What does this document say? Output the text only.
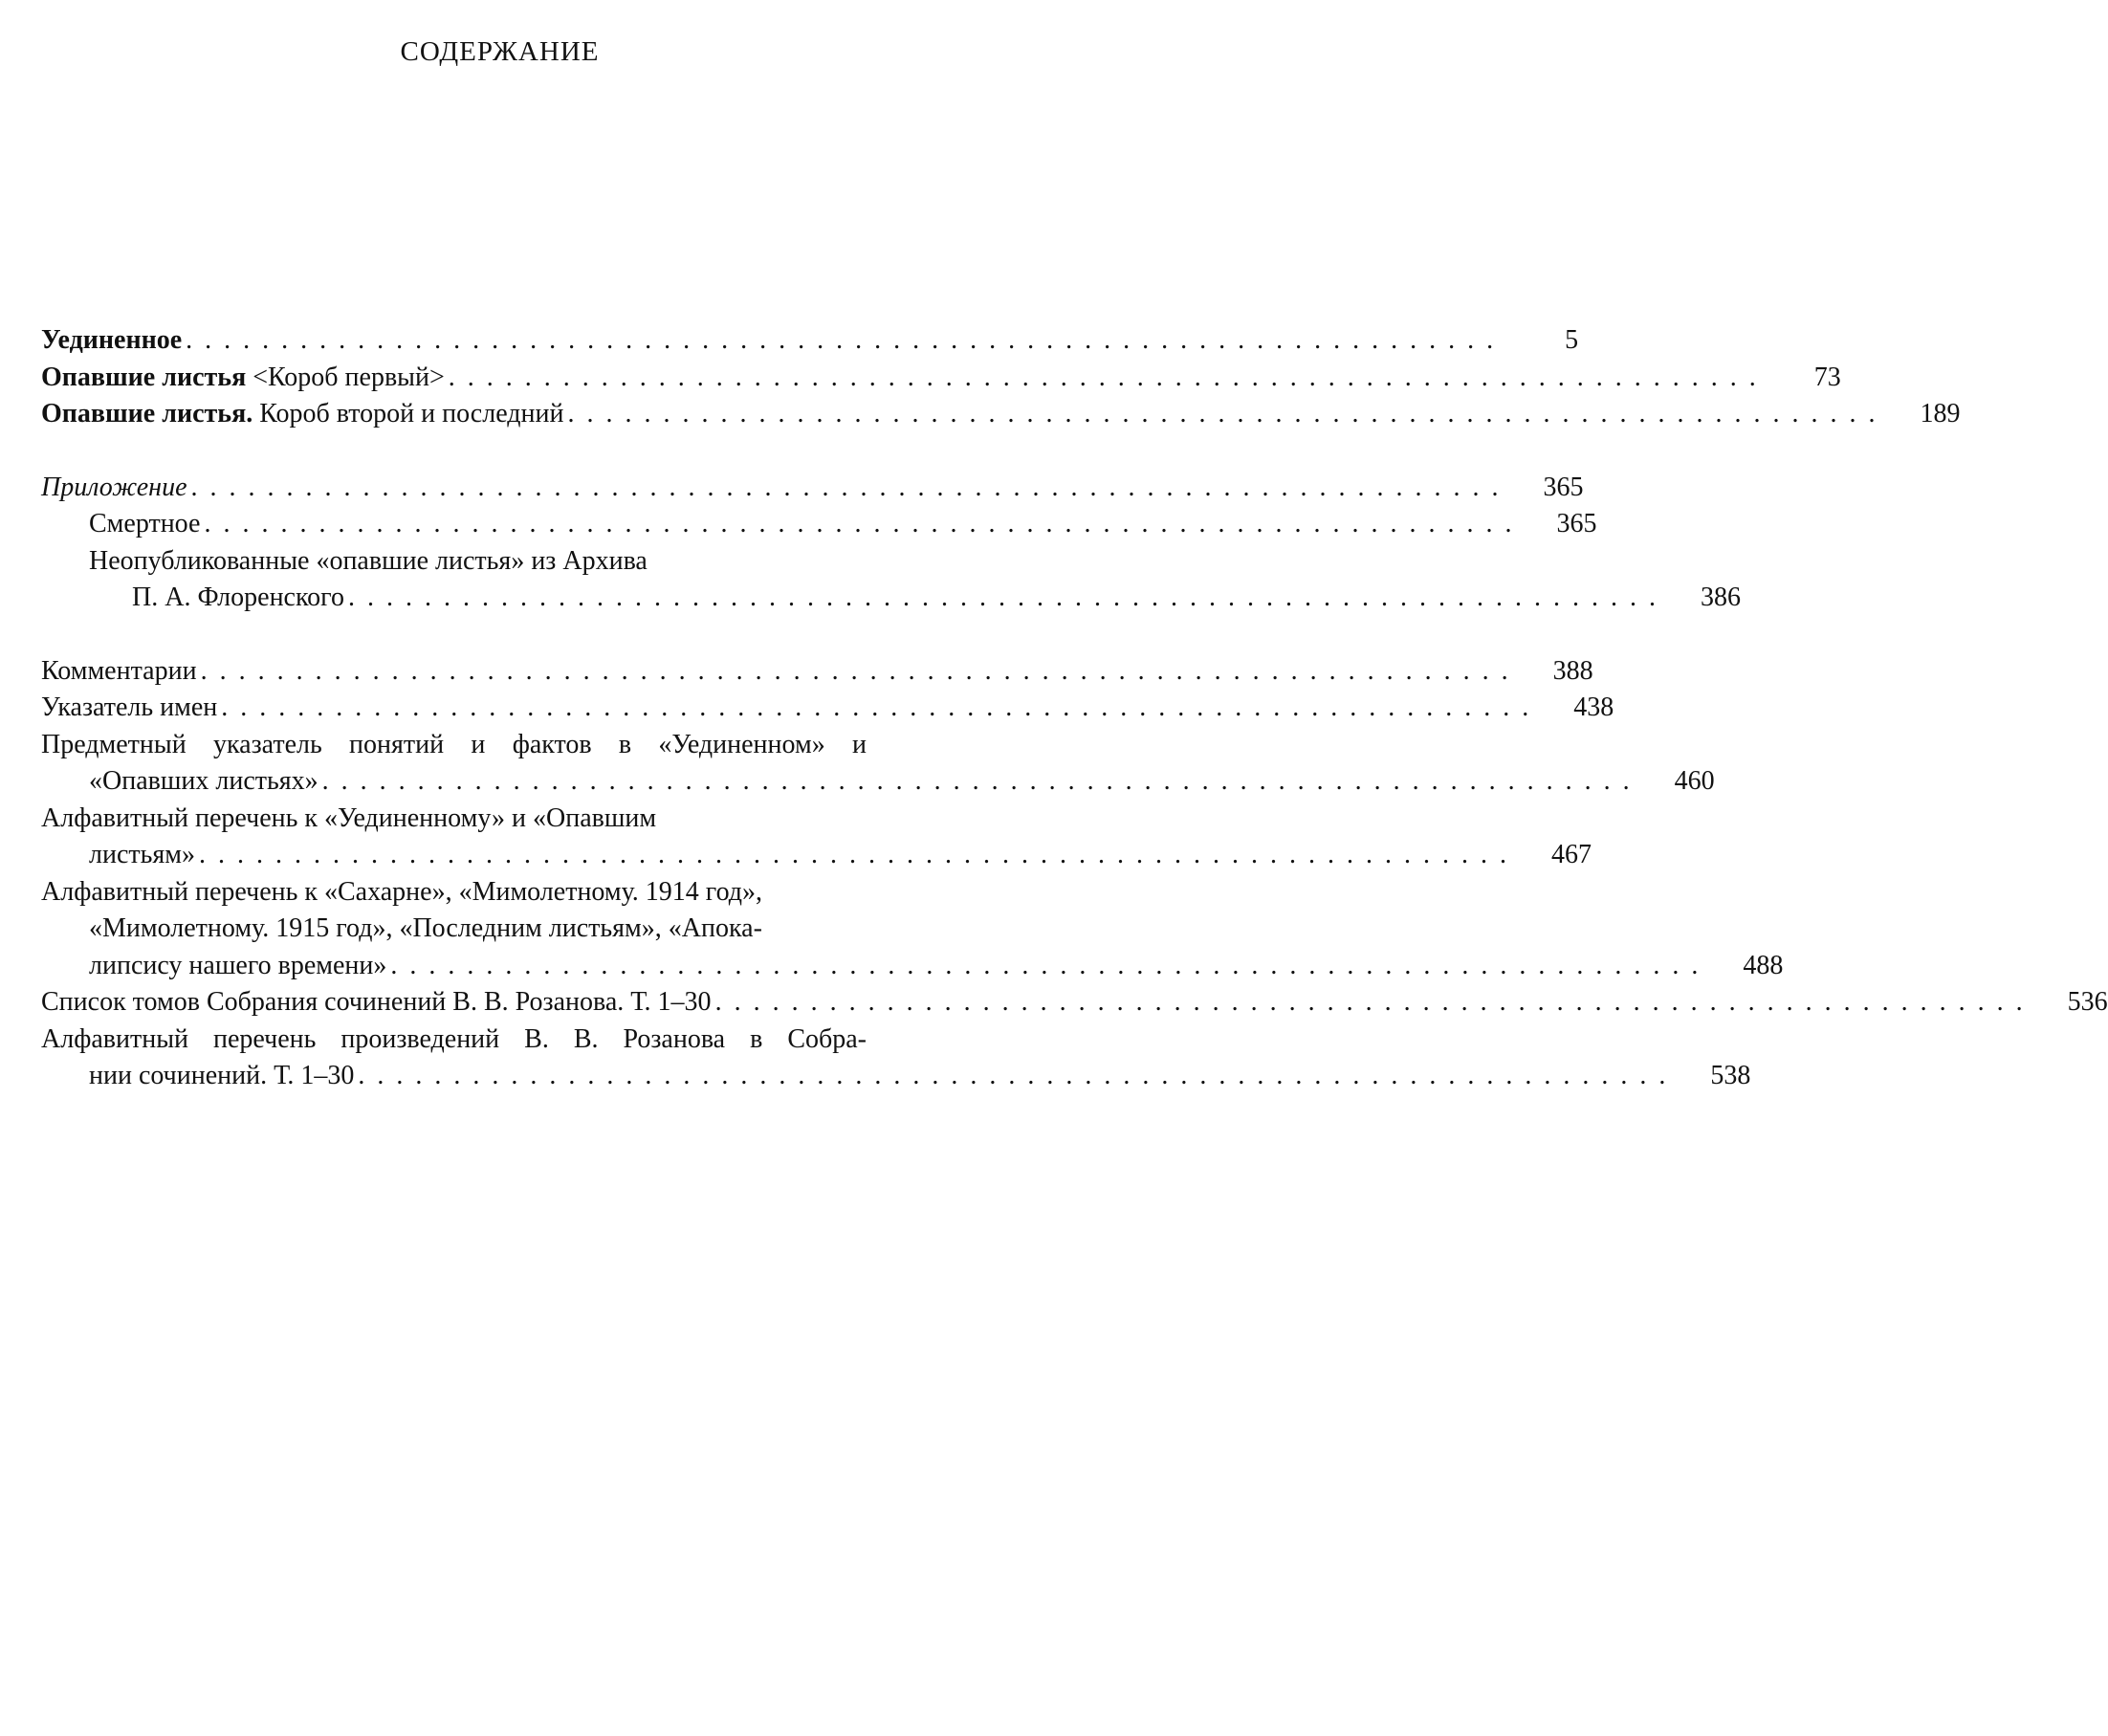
СОДЕРЖАНИЕ
Уединенное . . . . . . . . . . . . . . . . . . . . . . . . . . . . . . . . . . . . . . . . . . . . . . . . . . . . . . . . . . . . . . . . . . . . .	5
Опавшие листья <Короб первый> . . . . . . . . . . . . . . . . . . . . . . . . . . . . . . . . . . . . . . . . . . . . . . . . . . . . . . . . . . . . . . . . . . . . .	73
Опавшие листья. Короб второй и последний . . . . . . . . . . . . . . . . . . . . . . . . . . . . . . . . . . . . . . . . . . . . . . . . . . . . . . . . . . . . . . . . . . . . .	189
Приложение . . . . . . . . . . . . . . . . . . . . . . . . . . . . . . . . . . . . . . . . . . . . . . . . . . . . . . . . . . . . . . . . . . . . .	365
Смертное . . . . . . . . . . . . . . . . . . . . . . . . . . . . . . . . . . . . . . . . . . . . . . . . . . . . . . . . . . . . . . . . . . . . .	365
Неопубликованные «опавшие листья» из Архива
П. А. Флоренского . . . . . . . . . . . . . . . . . . . . . . . . . . . . . . . . . . . . . . . . . . . . . . . . . . . . . . . . . . . . . . . . . . . . .	386
Комментарии . . . . . . . . . . . . . . . . . . . . . . . . . . . . . . . . . . . . . . . . . . . . . . . . . . . . . . . . . . . . . . . . . . . . .	388
Указатель имен . . . . . . . . . . . . . . . . . . . . . . . . . . . . . . . . . . . . . . . . . . . . . . . . . . . . . . . . . . . . . . . . . . . . .	438
Предметный указатель понятий и фактов в «Уединенном» и
«Опавших листьях» . . . . . . . . . . . . . . . . . . . . . . . . . . . . . . . . . . . . . . . . . . . . . . . . . . . . . . . . . . . . . . . . . . . . .	460
Алфавитный перечень к «Уединенному» и «Опавшим
листьям» . . . . . . . . . . . . . . . . . . . . . . . . . . . . . . . . . . . . . . . . . . . . . . . . . . . . . . . . . . . . . . . . . . . . .	467
Алфавитный перечень к «Сахарне», «Мимолетному. 1914 год»,
«Мимолетному. 1915 год», «Последним листьям», «Апока-
липсису нашего времени» . . . . . . . . . . . . . . . . . . . . . . . . . . . . . . . . . . . . . . . . . . . . . . . . . . . . . . . . . . . . . . . . . . . . .	488
Список томов Собрания сочинений В. В. Розанова. Т. 1–30 . . . . . . . . . . . . . . . . . . . . . . . . . . . . . . . . . . . . . . . . . . . . . . . . . . . . . . . . . . . . . . . . . . . . .	536
Алфавитный перечень произведений В. В. Розанова в Собра-
нии сочинений. Т. 1–30 . . . . . . . . . . . . . . . . . . . . . . . . . . . . . . . . . . . . . . . . . . . . . . . . . . . . . . . . . . . . . . . . . . . . .	538
